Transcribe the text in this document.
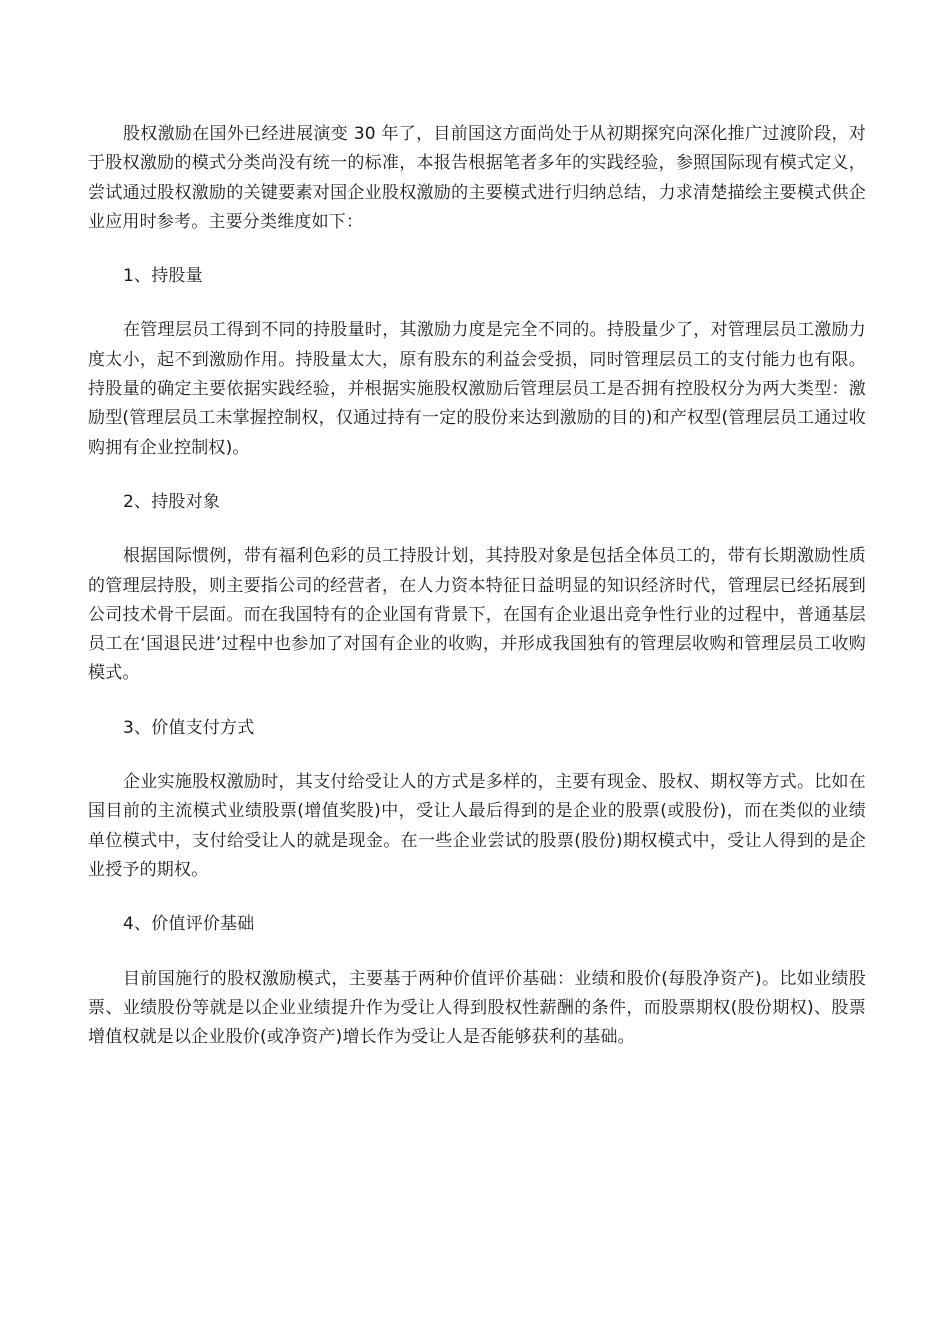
股权激励在国外已经进展演变 30 年了，目前国这方面尚处于从初期探究向深化推广过渡阶段，对于股权激励的模式分类尚没有统一的标准，本报告根据笔者多年的实践经验，参照国际现有模式定义，尝试通过股权激励的关键要素对国企业股权激励的主要模式进行归纳总结，力求清楚描绘主要模式供企业应用时参考。主要分类维度如下：

1、持股量

在管理层员工得到不同的持股量时，其激励力度是完全不同的。持股量少了，对管理层员工激励力度太小，起不到激励作用。持股量太大，原有股东的利益会受损，同时管理层员工的支付能力也有限。持股量的确定主要依据实践经验，并根据实施股权激励后管理层员工是否拥有控股权分为两大类型：激励型(管理层员工未掌握控制权，仅通过持有一定的股份来达到激励的目的)和产权型(管理层员工通过收购拥有企业控制权)。

2、持股对象

根据国际惯例，带有福利色彩的员工持股计划，其持股对象是包括全体员工的，带有长期激励性质的管理层持股，则主要指公司的经营者，在人力资本特征日益明显的知识经济时代，管理层已经拓展到公司技术骨干层面。而在我国特有的企业国有背景下，在国有企业退出竞争性行业的过程中，普通基层员工在‘国退民进’过程中也参加了对国有企业的收购，并形成我国独有的管理层收购和管理层员工收购模式。

3、价值支付方式

企业实施股权激励时，其支付给受让人的方式是多样的，主要有现金、股权、期权等方式。比如在国目前的主流模式业绩股票(增值奖股)中，受让人最后得到的是企业的股票(或股份)，而在类似的业绩单位模式中，支付给受让人的就是现金。在一些企业尝试的股票(股份)期权模式中，受让人得到的是企业授予的期权。

4、价值评价基础

目前国施行的股权激励模式，主要基于两种价值评价基础：业绩和股价(每股净资产)。比如业绩股票、业绩股份等就是以企业业绩提升作为受让人得到股权性薪酬的条件，而股票期权(股份期权)、股票增值权就是以企业股价(或净资产)增长作为受让人是否能够获利的基础。
